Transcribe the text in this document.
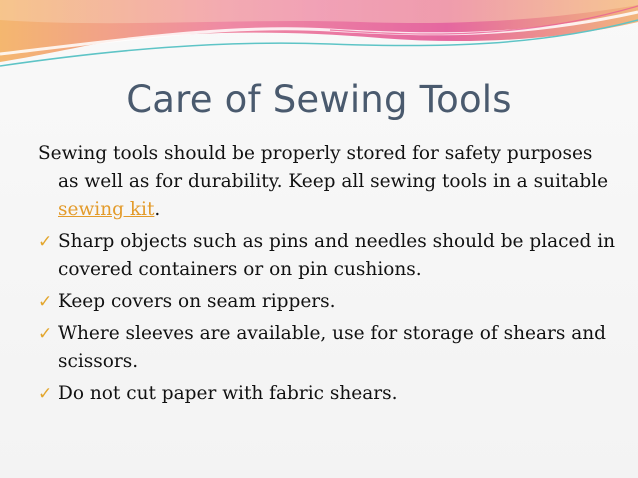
Care of Sewing Tools

Sewing tools should be properly stored for safety purposes as well as for durability. Keep all sewing tools in a suitable sewing kit.

✓ Sharp objects such as pins and needles should be placed in covered containers or on pin cushions.

✓ Keep covers on seam rippers.

✓ Where sleeves are available, use for storage of shears and scissors.

✓ Do not cut paper with fabric shears.
